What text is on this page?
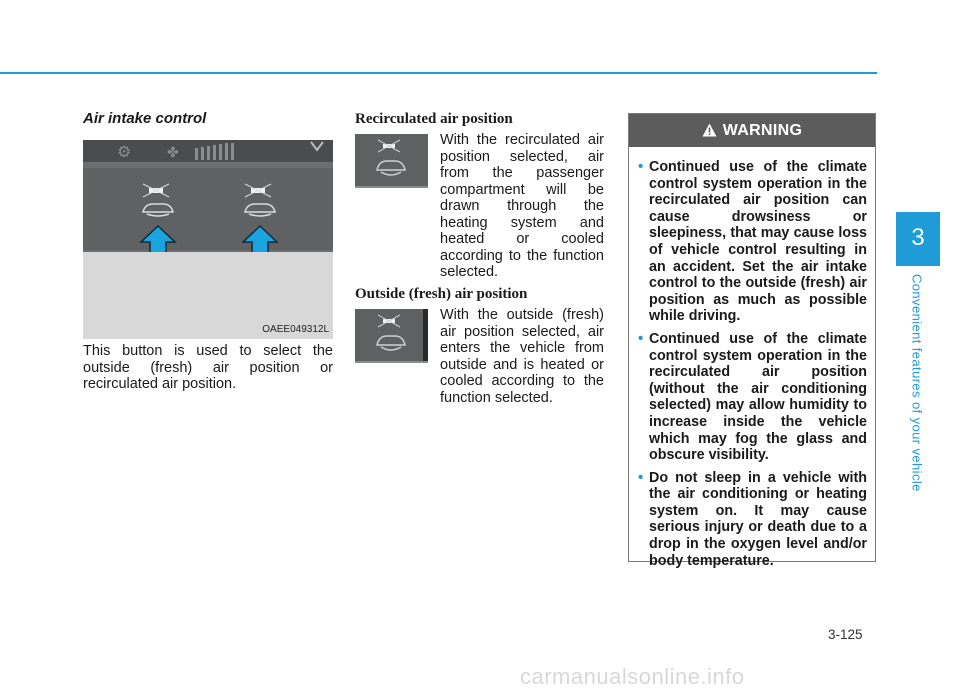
Air intake control
⚙	✤
OAEE049312L
This button is used to select the outside (fresh) air position or recirculated air position.
Recirculated air position
With the recirculated air position selected, air from the passenger compartment will be drawn through the heating system and heated or cooled according to the function selected.
Outside (fresh) air position
With the outside (fresh) air position selected, air enters the vehicle from outside and is heated or cooled according to the function selected.
WARNING
• Continued use of the climate control system operation in the recirculated air position can cause drowsiness or sleepiness, that may cause loss of vehicle control resulting in an accident. Set the air intake control to the outside (fresh) air position as much as possible while driving.
• Continued use of the climate control system operation in the recirculated air position (without the air conditioning selected) may allow humidity to increase inside the vehicle which may fog the glass and obscure visibility.
• Do not sleep in a vehicle with the air conditioning or heating system on. It may cause serious injury or death due to a drop in the oxygen level and/or body temperature.
3
Convenient features of your vehicle
3-125
carmanualsonline.info
